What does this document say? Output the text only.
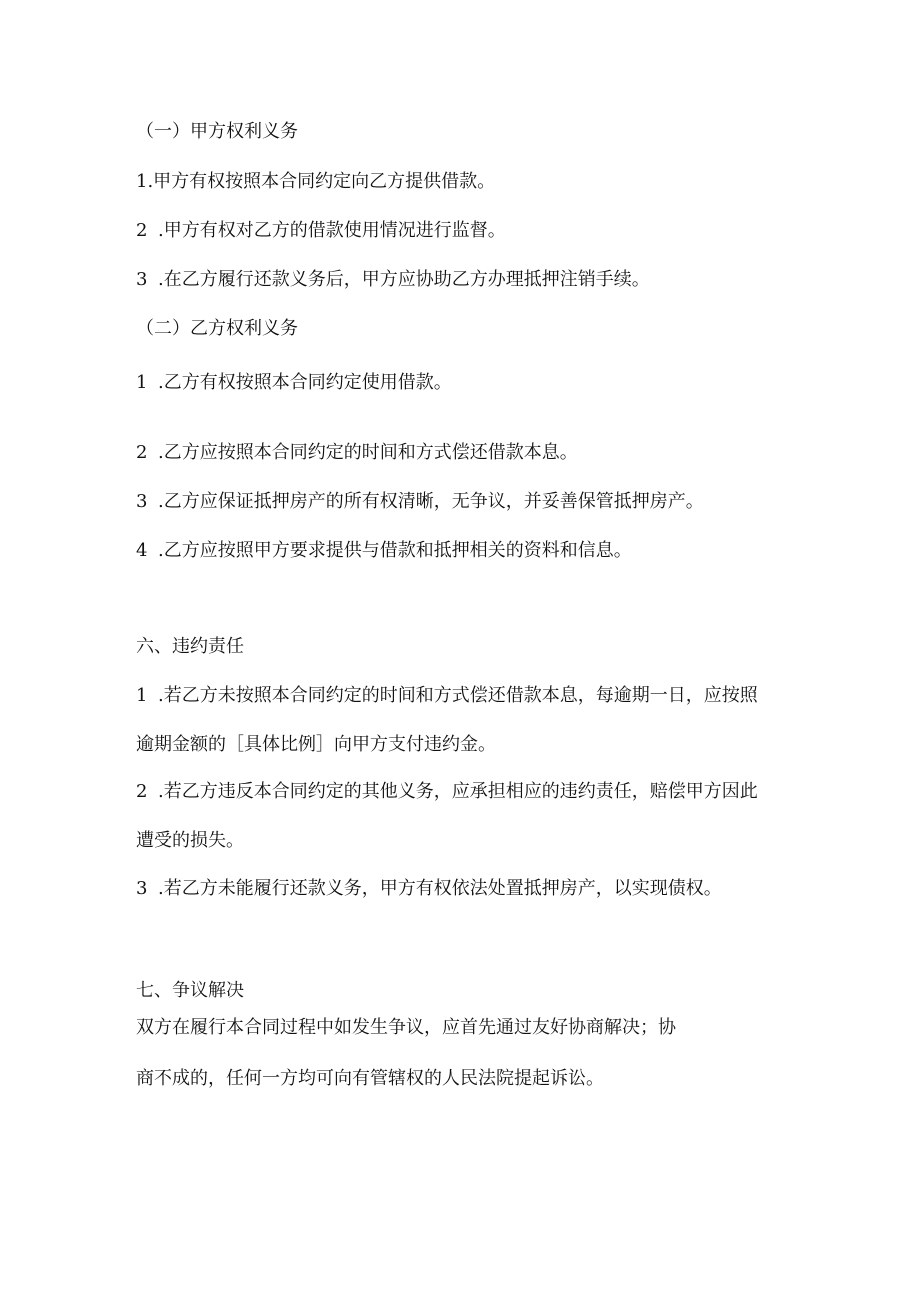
（一）甲方权利义务

1.甲方有权按照本合同约定向乙方提供借款。

2 .甲方有权对乙方的借款使用情况进行监督。

3 .在乙方履行还款义务后，甲方应协助乙方办理抵押注销手续。

（二）乙方权利义务

1 .乙方有权按照本合同约定使用借款。

2 .乙方应按照本合同约定的时间和方式偿还借款本息。

3 .乙方应保证抵押房产的所有权清晰，无争议，并妥善保管抵押房产。

4 .乙方应按照甲方要求提供与借款和抵押相关的资料和信息。

六、违约责任

1 .若乙方未按照本合同约定的时间和方式偿还借款本息，每逾期一日，应按照

逾期金额的［具体比例］向甲方支付违约金。

2 .若乙方违反本合同约定的其他义务，应承担相应的违约责任，赔偿甲方因此

遭受的损失。

3 .若乙方未能履行还款义务，甲方有权依法处置抵押房产，以实现债权。

七、争议解决

双方在履行本合同过程中如发生争议，应首先通过友好协商解决；协

商不成的，任何一方均可向有管辖权的人民法院提起诉讼。
